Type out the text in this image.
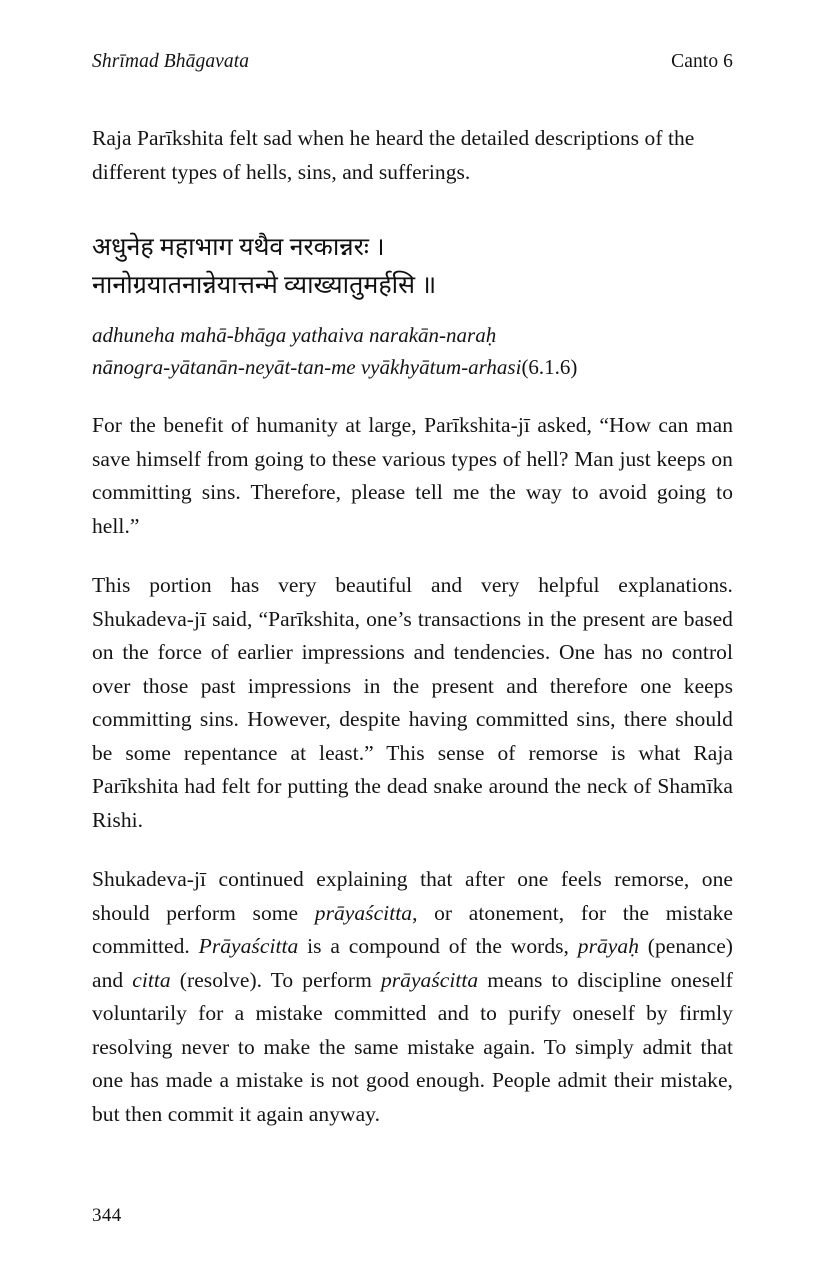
Shrīmad Bhāgavata	Canto 6

Raja Parīkshita felt sad when he heard the detailed descriptions of the different types of hells, sins, and sufferings.

अधुनेह महाभाग यथैव नरकान्नरः ।
नानोग्रयातनान्नेयात्तन्मे व्याख्यातुमर्हसि ॥
adhuneha mahā-bhāga yathaiva narakān-naraḥ
nānogra-yātanān-neyāt-tan-me vyākhyātum-arhasi(6.1.6)

For the benefit of humanity at large, Parīkshita-jī asked, “How can man save himself from going to these various types of hell? Man just keeps on committing sins. Therefore, please tell me the way to avoid going to hell.”

This portion has very beautiful and very helpful explanations. Shukadeva-jī said, “Parīkshita, one’s transactions in the present are based on the force of earlier impressions and tendencies. One has no control over those past impressions in the present and therefore one keeps committing sins. However, despite having committed sins, there should be some repentance at least.” This sense of remorse is what Raja Parīkshita had felt for putting the dead snake around the neck of Shamīka Rishi.

Shukadeva-jī continued explaining that after one feels remorse, one should perform some prāyaścitta, or atonement, for the mistake committed. Prāyaścitta is a compound of the words, prāyaḥ (penance) and citta (resolve). To perform prāyaścitta means to discipline oneself voluntarily for a mistake committed and to purify oneself by firmly resolving never to make the same mistake again. To simply admit that one has made a mistake is not good enough. People admit their mistake, but then commit it again anyway.

344
